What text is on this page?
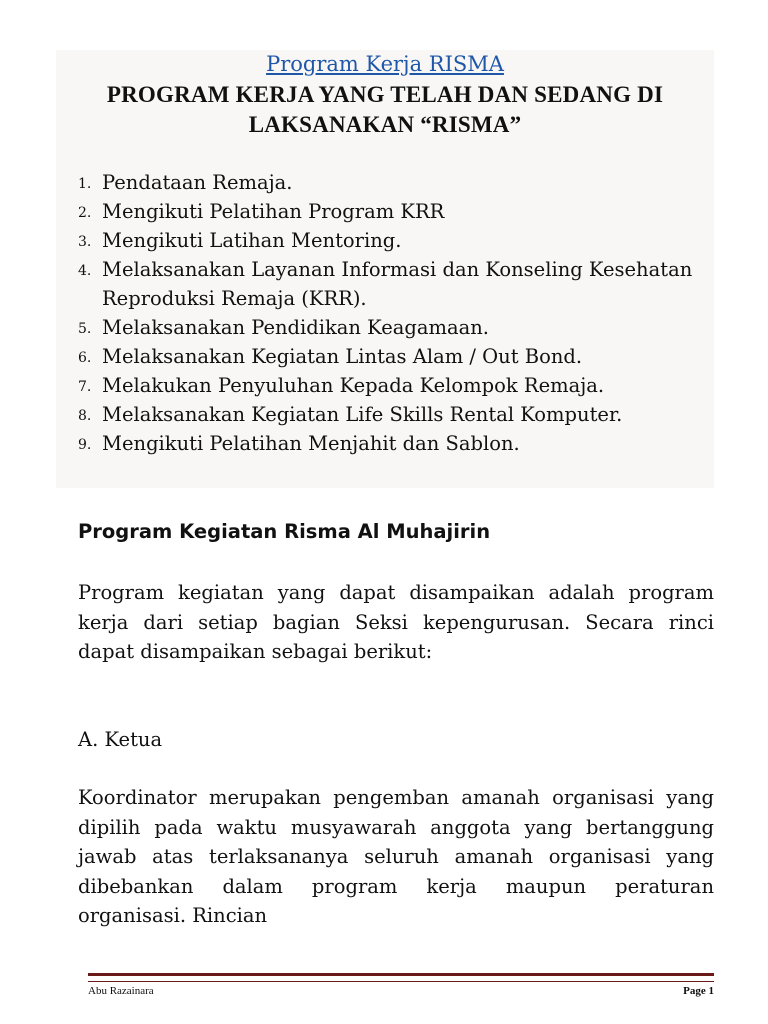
Program Kerja RISMA
PROGRAM KERJA YANG TELAH DAN SEDANG DI
LAKSANAKAN “RISMA”
1. Pendataan Remaja.
2. Mengikuti Pelatihan Program KRR
3. Mengikuti Latihan Mentoring.
4. Melaksanakan Layanan Informasi dan Konseling Kesehatan Reproduksi Remaja (KRR).
5. Melaksanakan Pendidikan Keagamaan.
6. Melaksanakan Kegiatan Lintas Alam / Out Bond.
7. Melakukan Penyuluhan Kepada Kelompok Remaja.
8. Melaksanakan Kegiatan Life Skills Rental Komputer.
9. Mengikuti Pelatihan Menjahit dan Sablon.
Program Kegiatan Risma Al Muhajirin
Program kegiatan yang dapat disampaikan adalah program kerja dari setiap bagian Seksi kepengurusan. Secara rinci dapat disampaikan sebagai berikut:
A. Ketua
Koordinator merupakan pengemban amanah organisasi yang dipilih pada waktu musyawarah anggota yang bertanggung jawab atas terlaksananya seluruh amanah organisasi yang dibebankan dalam program kerja maupun peraturan organisasi. Rincian
Abu Razainara	Page 1
